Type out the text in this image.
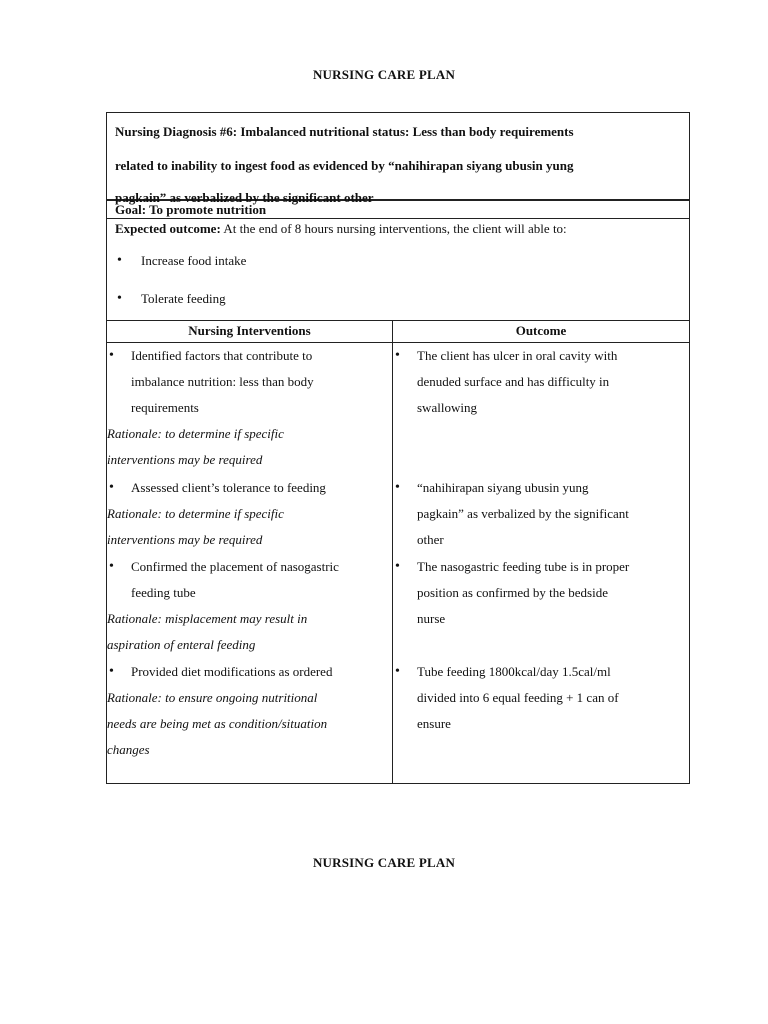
NURSING CARE PLAN
Nursing Diagnosis #6: Imbalanced nutritional status: Less than body requirements
related to inability to ingest food as evidenced by “nahihirapan siyang ubusin yung
pagkain” as verbalized by the significant other
Goal: To promote nutrition
Expected outcome: At the end of 8 hours nursing interventions, the client will able to:
• Increase food intake
• Tolerate feeding
Nursing Interventions	Outcome
• Identified factors that contribute to
imbalance nutrition: less than body
requirements
Rationale: to determine if specific
interventions may be required
• Assessed client’s tolerance to feeding
Rationale: to determine if specific
interventions may be required
• Confirmed the placement of nasogastric
feeding tube
Rationale: misplacement may result in
aspiration of enteral feeding
• Provided diet modifications as ordered
Rationale: to ensure ongoing nutritional
needs are being met as condition/situation
changes
• The client has ulcer in oral cavity with
denuded surface and has difficulty in
swallowing
• “nahihirapan siyang ubusin yung
pagkain” as verbalized by the significant
other
• The nasogastric feeding tube is in proper
position as confirmed by the bedside
nurse
• Tube feeding 1800kcal/day 1.5cal/ml
divided into 6 equal feeding + 1 can of
ensure
NURSING CARE PLAN
